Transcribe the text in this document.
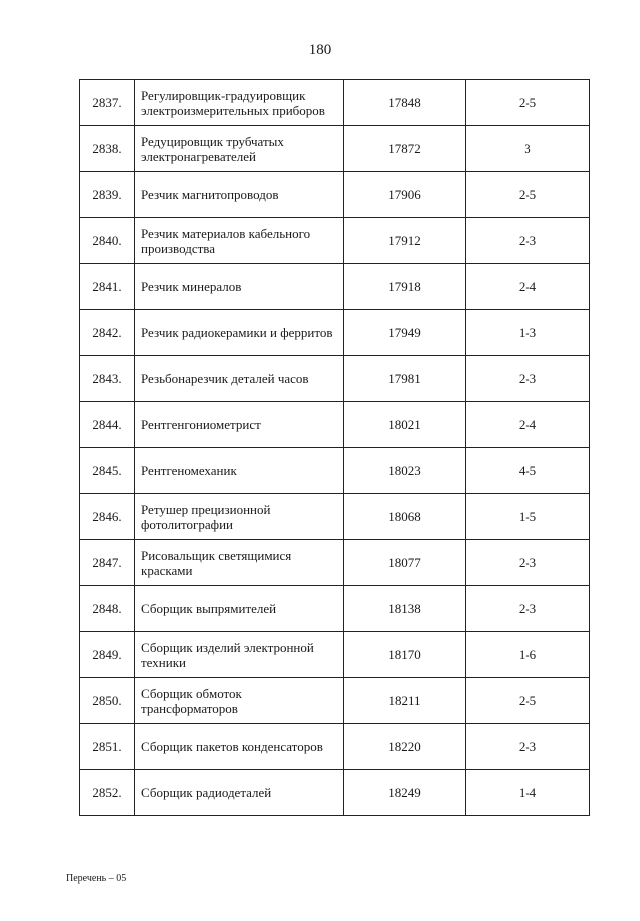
180
2837.	Регулировщик-градуировщик электроизмерительных приборов	17848	2-5
2838.	Редуцировщик трубчатых электронагревателей	17872	3
2839.	Резчик магнитопроводов	17906	2-5
2840.	Резчик материалов кабельного производства	17912	2-3
2841.	Резчик минералов	17918	2-4
2842.	Резчик радиокерамики и ферритов	17949	1-3
2843.	Резьбонарезчик деталей часов	17981	2-3
2844.	Рентгенгониометрист	18021	2-4
2845.	Рентгеномеханик	18023	4-5
2846.	Ретушер прецизионной фотолитографии	18068	1-5
2847.	Рисовальщик светящимися красками	18077	2-3
2848.	Сборщик выпрямителей	18138	2-3
2849.	Сборщик изделий электронной техники	18170	1-6
2850.	Сборщик обмоток трансформаторов	18211	2-5
2851.	Сборщик пакетов конденсаторов	18220	2-3
2852.	Сборщик радиодеталей	18249	1-4
Перечень – 05
